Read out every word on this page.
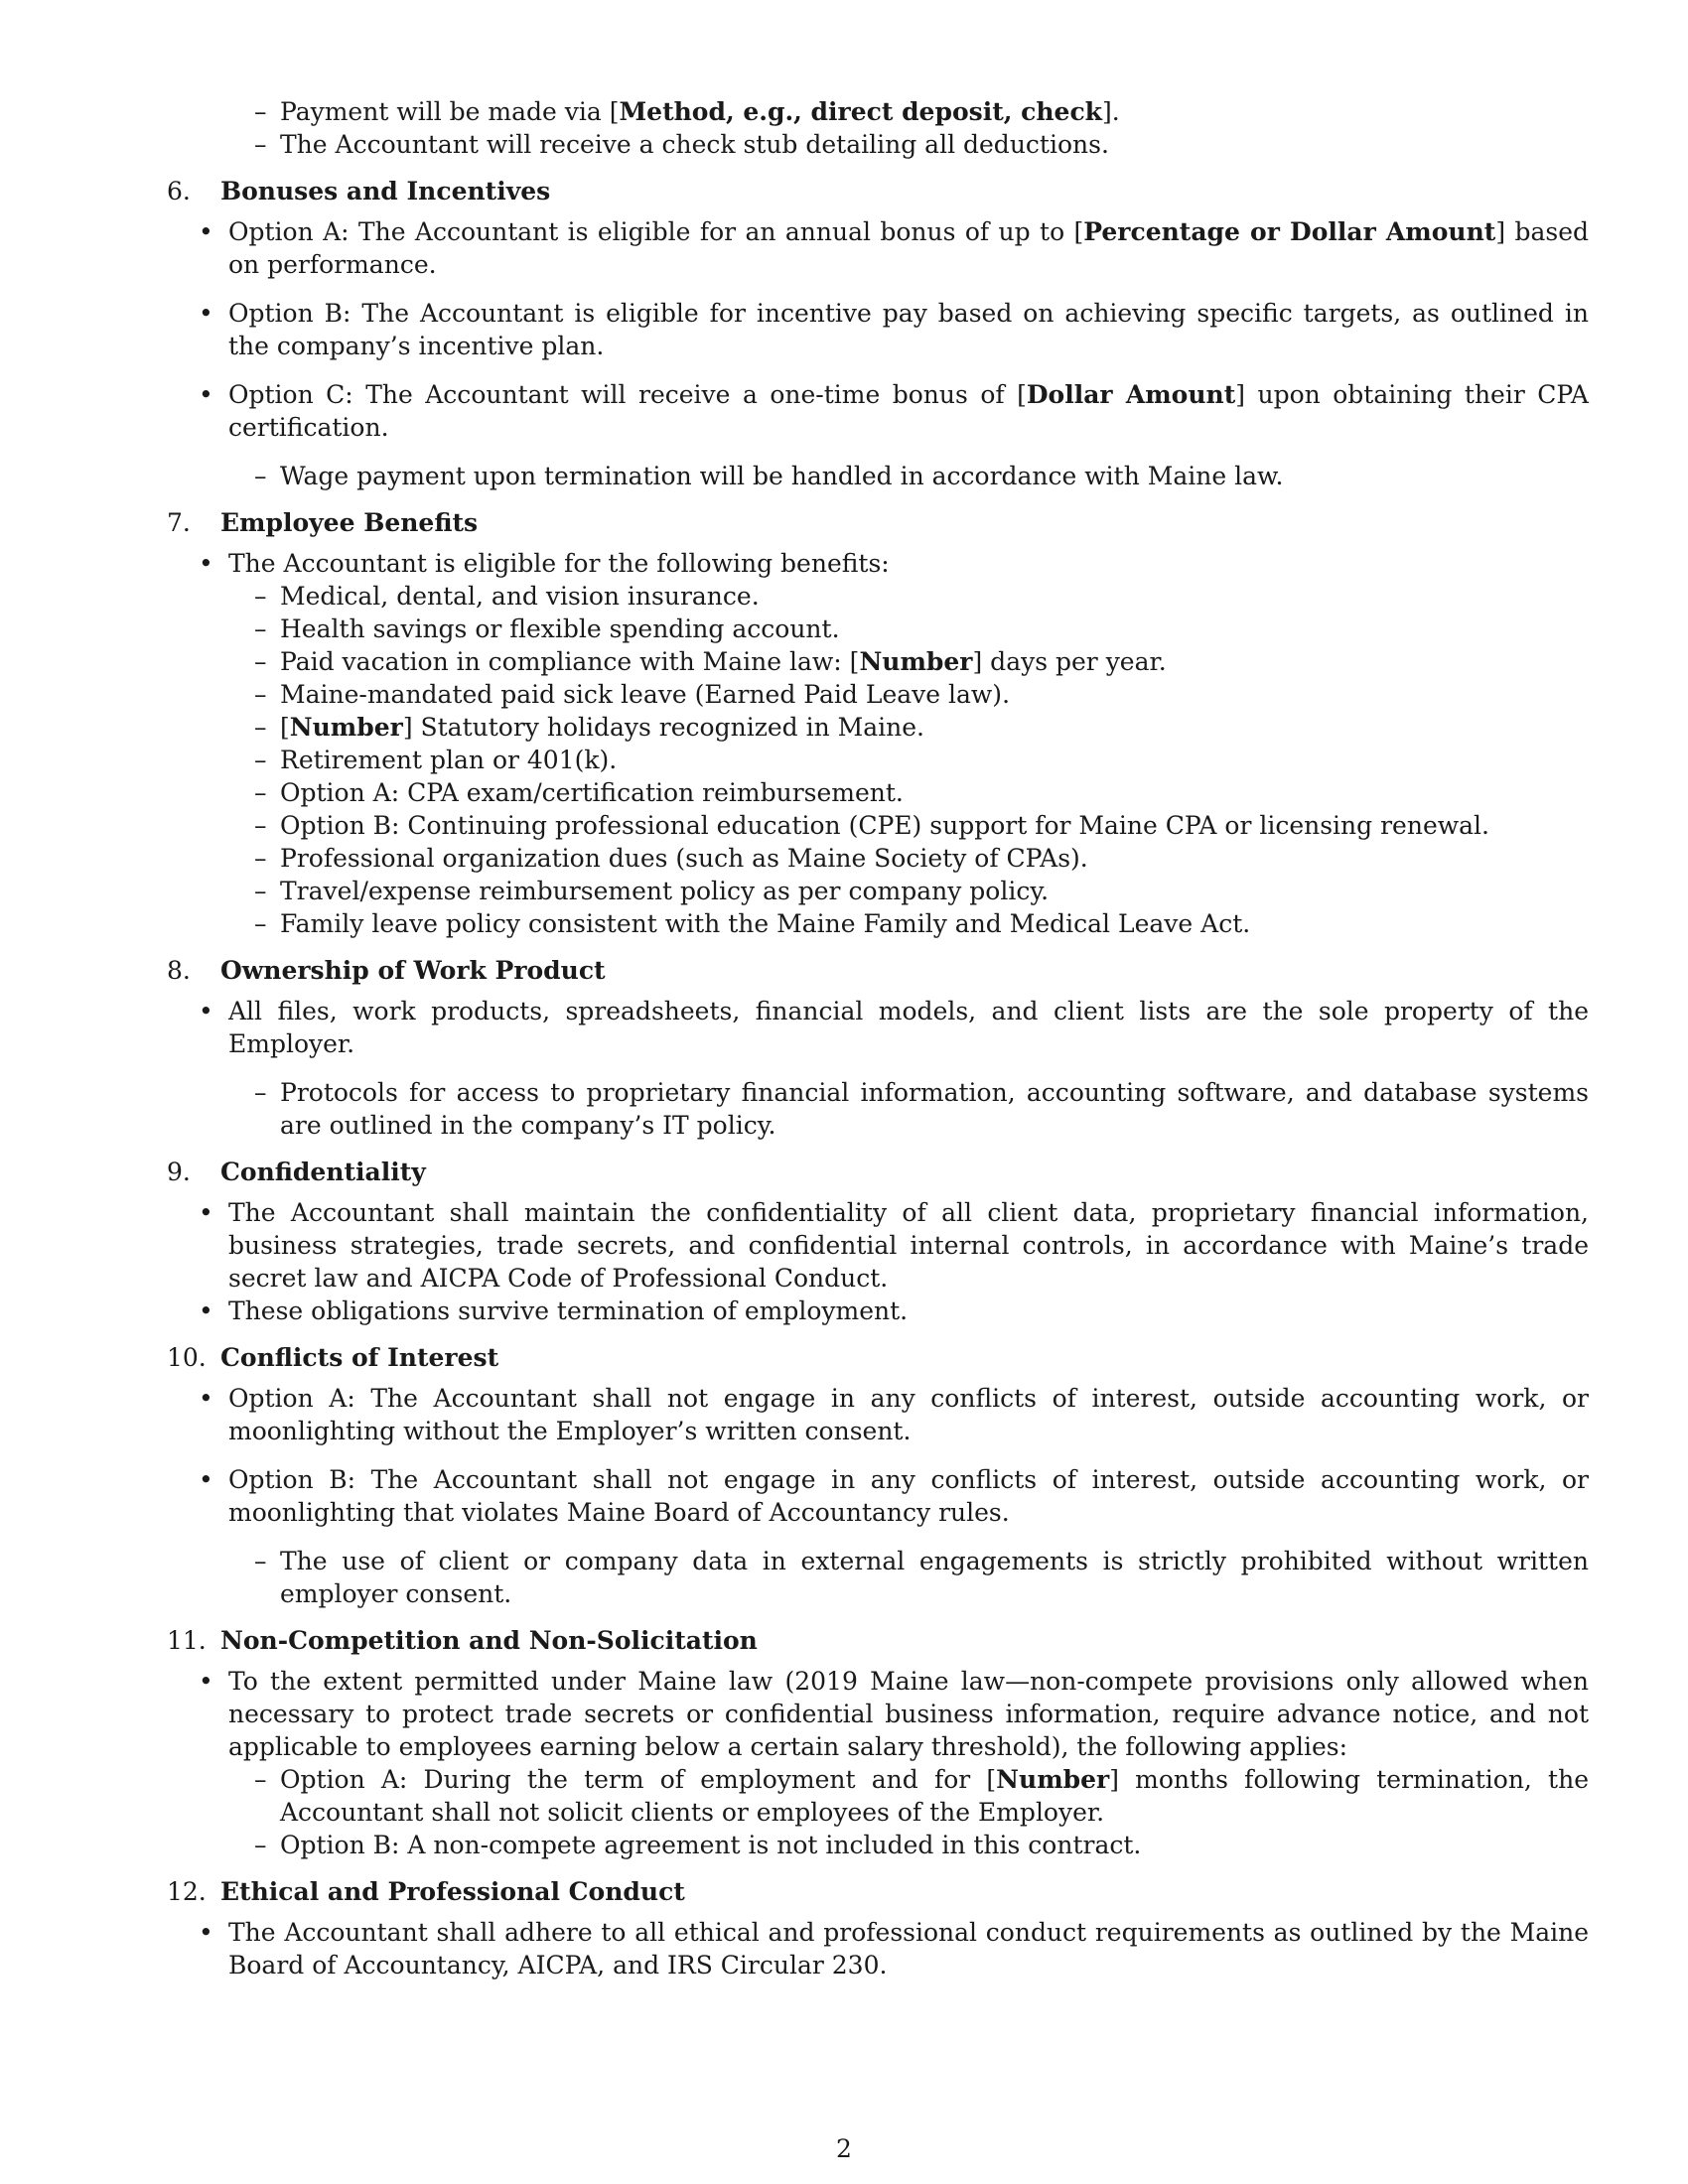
– Payment will be made via [Method, e.g., direct deposit, check].
– The Accountant will receive a check stub detailing all deductions.
6.	Bonuses and Incentives
• Option A: The Accountant is eligible for an annual bonus of up to [Percentage or Dollar Amount] based on performance.
• Option B: The Accountant is eligible for incentive pay based on achieving specific targets, as outlined in the company’s incentive plan.
• Option C: The Accountant will receive a one-time bonus of [Dollar Amount] upon obtaining their CPA certification.
– Wage payment upon termination will be handled in accordance with Maine law.
7.	Employee Benefits
• The Accountant is eligible for the following benefits:
– Medical, dental, and vision insurance.
– Health savings or flexible spending account.
– Paid vacation in compliance with Maine law: [Number] days per year.
– Maine-mandated paid sick leave (Earned Paid Leave law).
– [Number] Statutory holidays recognized in Maine.
– Retirement plan or 401(k).
– Option A: CPA exam/certification reimbursement.
– Option B: Continuing professional education (CPE) support for Maine CPA or licensing renewal.
– Professional organization dues (such as Maine Society of CPAs).
– Travel/expense reimbursement policy as per company policy.
– Family leave policy consistent with the Maine Family and Medical Leave Act.
8.	Ownership of Work Product
• All files, work products, spreadsheets, financial models, and client lists are the sole property of the Employer.
– Protocols for access to proprietary financial information, accounting software, and database systems are outlined in the company’s IT policy.
9.	Confidentiality
• The Accountant shall maintain the confidentiality of all client data, proprietary financial information, business strategies, trade secrets, and confidential internal controls, in accordance with Maine’s trade secret law and AICPA Code of Professional Conduct.
• These obligations survive termination of employment.
10. Conflicts of Interest
• Option A: The Accountant shall not engage in any conflicts of interest, outside accounting work, or moonlighting without the Employer’s written consent.
• Option B: The Accountant shall not engage in any conflicts of interest, outside accounting work, or moonlighting that violates Maine Board of Accountancy rules.
– The use of client or company data in external engagements is strictly prohibited without written employer consent.
11. Non-Competition and Non-Solicitation
• To the extent permitted under Maine law (2019 Maine law—non-compete provisions only allowed when necessary to protect trade secrets or confidential business information, require advance notice, and not applicable to employees earning below a certain salary threshold), the following applies:
– Option A: During the term of employment and for [Number] months following termination, the Accountant shall not solicit clients or employees of the Employer.
– Option B: A non-compete agreement is not included in this contract.
12. Ethical and Professional Conduct
• The Accountant shall adhere to all ethical and professional conduct requirements as outlined by the Maine Board of Accountancy, AICPA, and IRS Circular 230.
2
